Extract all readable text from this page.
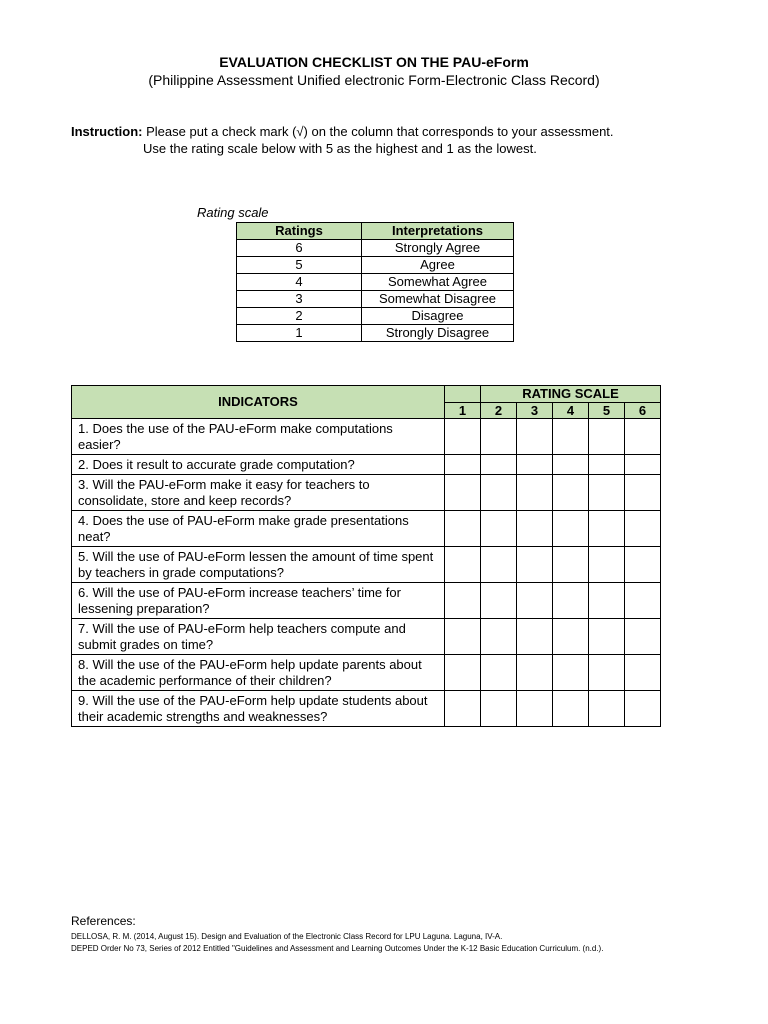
EVALUATION CHECKLIST ON THE PAU-eForm
(Philippine Assessment Unified electronic Form-Electronic Class Record)
Instruction: Please put a check mark (√) on the column that corresponds to your assessment.
Use the rating scale below with 5 as the highest and 1 as the lowest.
Rating scale
Ratings	Interpretations
6	Strongly Agree
5	Agree
4	Somewhat Agree
3	Somewhat Disagree
2	Disagree
1	Strongly Disagree
INDICATORS		RATING SCALE				
	1	2	3	4	5	6
1. Does the use of the PAU-eForm make computations easier?						
2. Does it result to accurate grade computation?						
3. Will the PAU-eForm make it easy for teachers to consolidate, store and keep records?						
4. Does the use of PAU-eForm make grade presentations neat?						
5. Will the use of PAU-eForm lessen the amount of time spent by teachers in grade computations?						
6. Will the use of PAU-eForm increase teachers’ time for lessening preparation?						
7. Will the use of PAU-eForm help teachers compute and submit grades on time?						
8. Will the use of the PAU-eForm help update parents about the academic performance of their children?						
9. Will the use of the PAU-eForm help update students about their academic strengths and weaknesses?						
References:
DELLOSA, R. M. (2014, August 15). Design and Evaluation of the Electronic Class Record for LPU Laguna. Laguna, IV-A.
DEPED Order No 73, Series of 2012 Entitled "Guidelines and Assessment and Learning Outcomes Under the K-12 Basic Education Curriculum. (n.d.).
